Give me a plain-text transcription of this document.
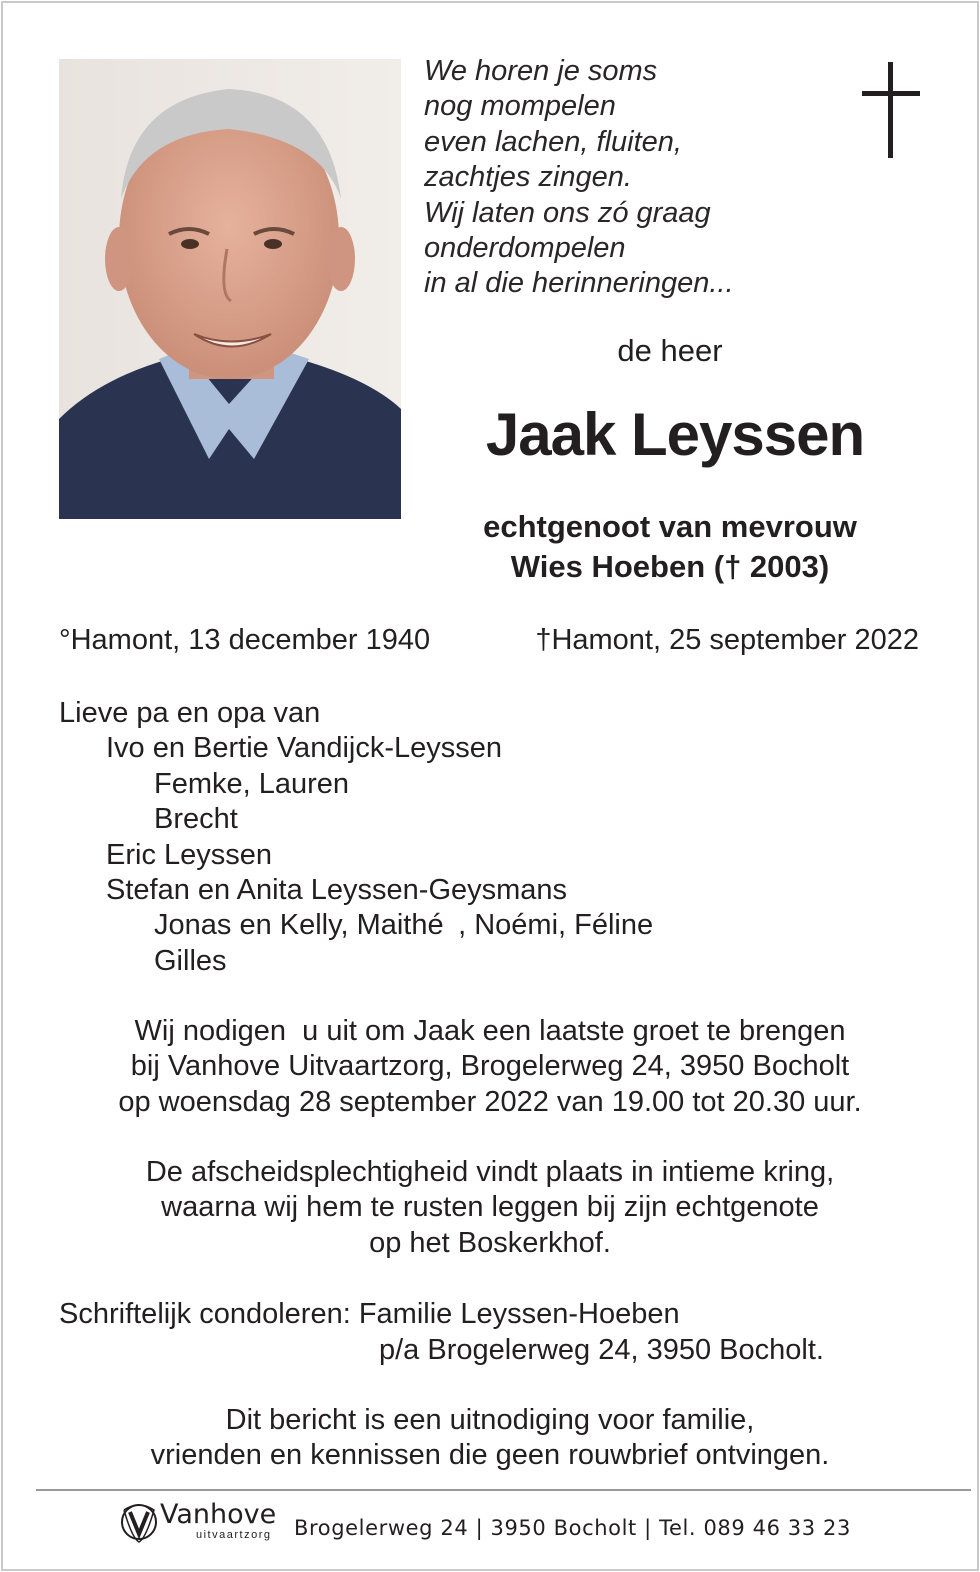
We horen je soms
nog mompelen
even lachen, fluiten,
zachtjes zingen.
Wij laten ons zó graag
onderdompelen
in al die herinneringen...
de heer
Jaak Leyssen
echtgenoot van mevrouw
Wies Hoeben († 2003)
°Hamont, 13 december 1940	†Hamont, 25 september 2022
Lieve pa en opa van
Ivo en Bertie Vandijck-Leyssen
Femke, Lauren
Brecht
Eric Leyssen
Stefan en Anita Leyssen-Geysmans
Jonas en Kelly, Maithé , Noémi, Féline
Gilles
Wij nodigen  u uit om Jaak een laatste groet te brengen
bij Vanhove Uitvaartzorg, Brogelerweg 24, 3950 Bocholt
op woensdag 28 september 2022 van 19.00 tot 20.30 uur.
De afscheidsplechtigheid vindt plaats in intieme kring,
waarna wij hem te rusten leggen bij zijn echtgenote
op het Boskerkhof.
Schriftelijk condoleren: Familie Leyssen-Hoeben
p/a Brogelerweg 24, 3950 Bocholt.
Dit bericht is een uitnodiging voor familie,
vrienden en kennissen die geen rouwbrief ontvingen.
Vanhove
uitvaartzorg Brogelerweg 24 | 3950 Bocholt | Tel. 089 46 33 23
